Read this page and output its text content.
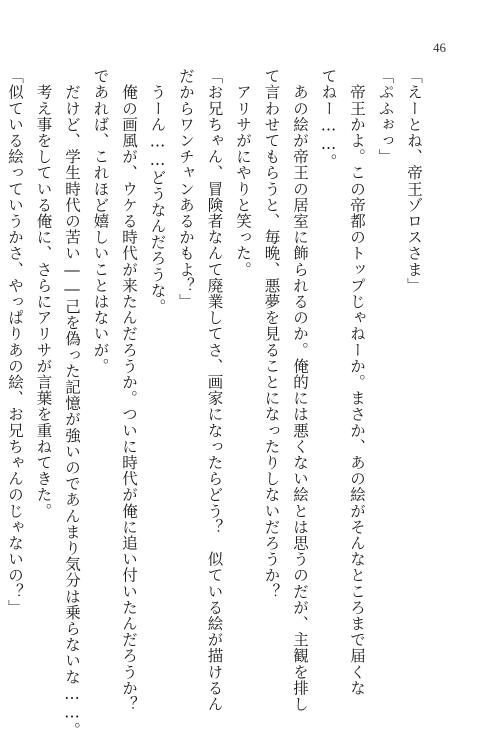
46

「えーとね、帝王ゾロスさま」

「ぷふぉっ」

　帝王かよ。この帝都のトップじゃねーか。まさか、あの絵がそんなところまで届くな

てねー……。

　あの絵が帝王の居室に飾られるのか。俺的には悪くない絵とは思うのだが、主観を排し

て言わせてもらうと、毎晩、悪夢を見ることになったりしないだろうか？

　アリサがにやりと笑った。

「お兄ちゃん、冒険者なんて廃業してさ、画家になったらどう？　似ている絵が描けるん

だからワンチャンあるかもよ？」

　うーん……どうなんだろうな。

　俺の画風が、ウケる時代が来たんだろうか。ついに時代が俺に追い付いたんだろうか？

であれば、これほど嬉しいことはないが。

　だけど、学生時代の苦い――己を偽った記憶が強いのであんまり気分は乗らないな……。

　考え事をしている俺に、さらにアリサが言葉を重ねてきた。

「似ている絵っていうかさ、やっぱりあの絵、お兄ちゃんのじゃないの？」
